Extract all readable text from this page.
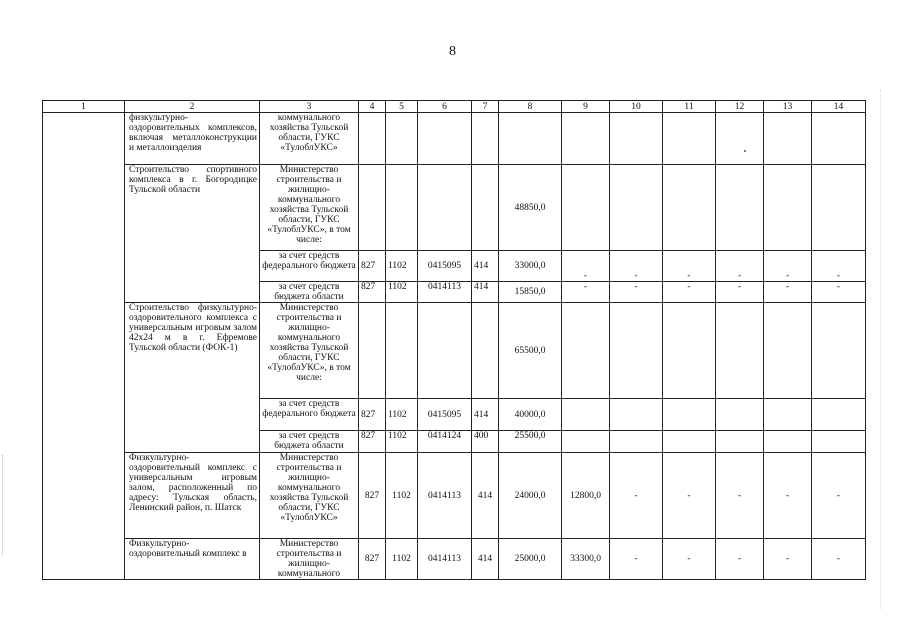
8
1	2	3	4	5	6	7	8	9	10	11	12	13	14
	физкультурно-оздоровительных комплексов, включая металлоконструкции и металлоизделия	коммунального хозяйства Тульской области, ГУКС «ТулоблУКС»											
	Строительство спортивного комплекса в г. Богородицке Тульской области	Министерство строительства и жилищно-коммунального хозяйства Тульской области, ГУКС «ТулоблУКС», в том числе:					48850,0						
		за счет средств федерального бюджета	827	1102	0415095	414	33000,0	-	-	-	-	-	-
		за счет средств бюджета области	827	1102	0414113	414	15850,0	-	-	-	-	-	-
	Строительство физкультурно-оздоровительного комплекса с универсальным игровым залом 42x24 м в г. Ефремове Тульской области (ФОК-1)	Министерство строительства и жилищно-коммунального хозяйства Тульской области, ГУКС «ТулоблУКС», в том числе:					65500,0						
		за счет средств федерального бюджета	827	1102	0415095	414	40000,0						
		за счет средств бюджета области	827	1102	0414124	400	25500,0						
	Физкультурно-оздоровительный комплекс с универсальным игровым залом, расположенный по адресу: Тульская область, Ленинский район, п. Шатск	Министерство строительства и жилищно-коммунального хозяйства Тульской области, ГУКС «ТулоблУКС»	827	1102	0414113	414	24000,0	12800,0	-	-	-	-	-
	Физкультурно-оздоровительный комплекс в	Министерство строительства и жилищно-коммунального	827	1102	0414113	414	25000,0	33300,0	-	-	-	-	-
